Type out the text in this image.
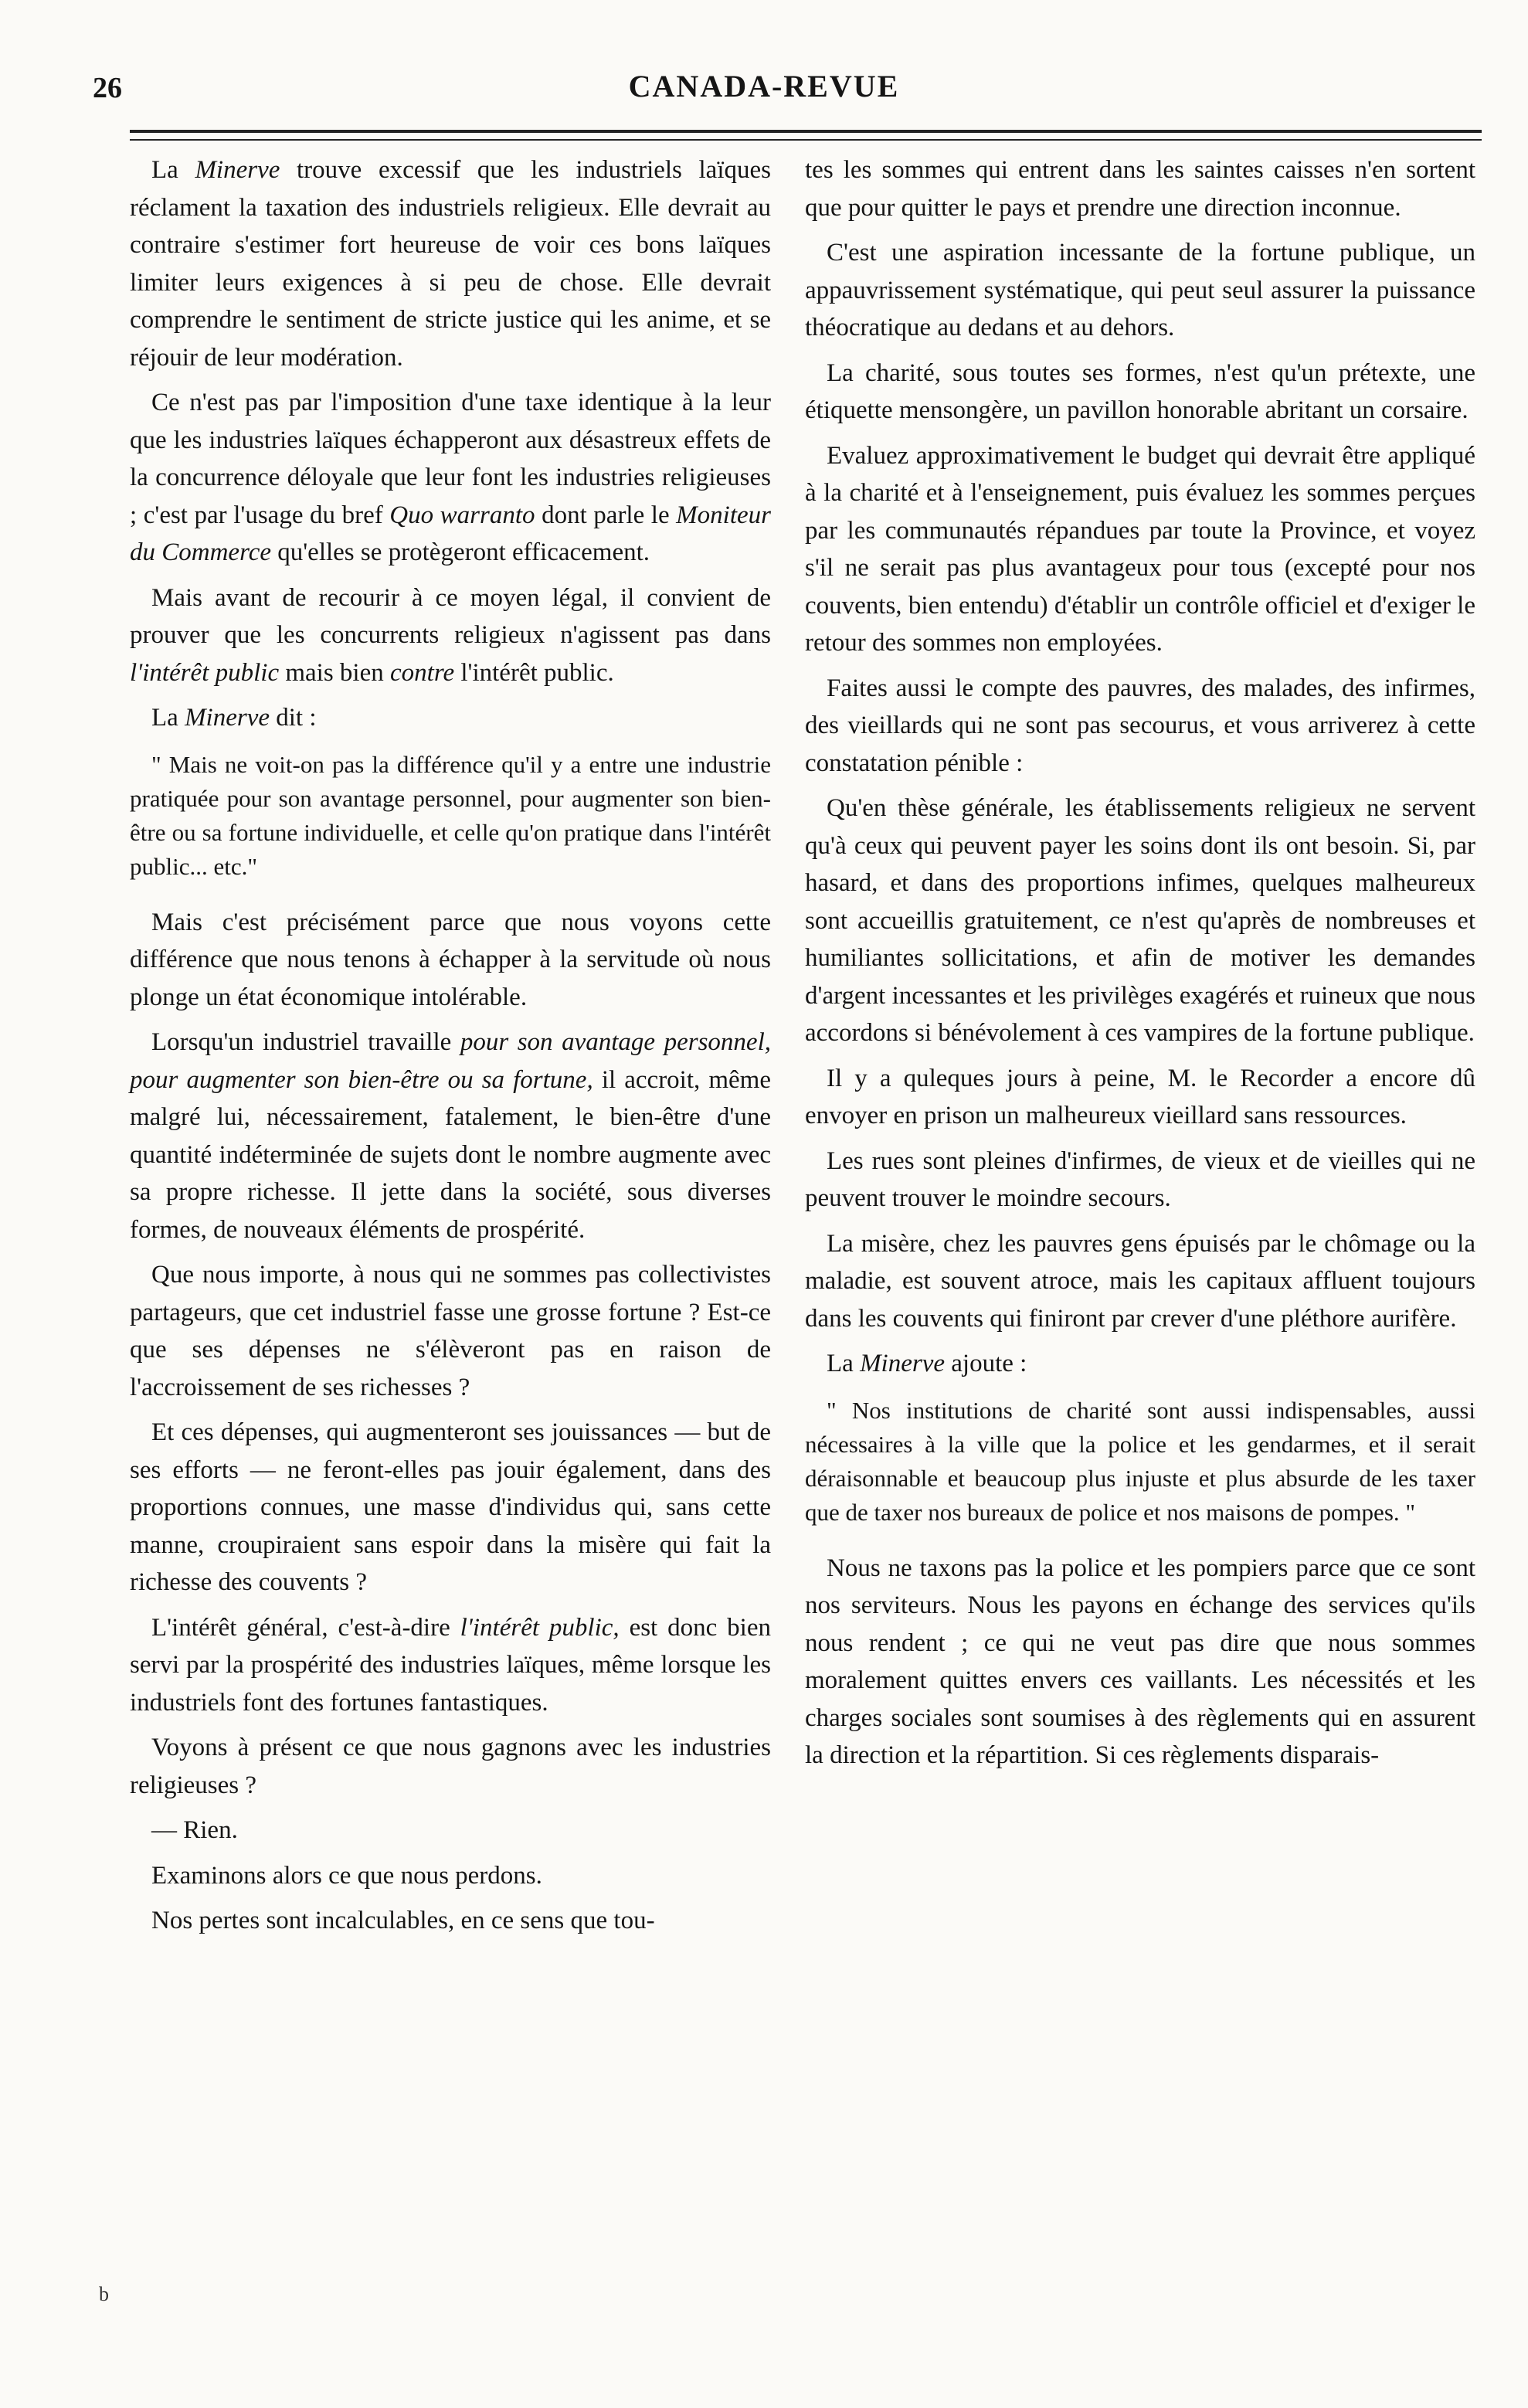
26	CANADA-REVUE

La Minerve trouve excessif que les industriels laïques réclament la taxation des industriels religieux. Elle devrait au contraire s'estimer fort heureuse de voir ces bons laïques limiter leurs exigences à si peu de chose. Elle devrait comprendre le sentiment de stricte justice qui les anime, et se réjouir de leur modération.

Ce n'est pas par l'imposition d'une taxe identique à la leur que les industries laïques échapperont aux désastreux effets de la concurrence déloyale que leur font les industries religieuses ; c'est par l'usage du bref Quo warranto dont parle le Moniteur du Commerce qu'elles se protègeront efficacement.

Mais avant de recourir à ce moyen légal, il convient de prouver que les concurrents religieux n'agissent pas dans l'intérêt public mais bien contre l'intérêt public.

La Minerve dit :

" Mais ne voit-on pas la différence qu'il y a entre une industrie pratiquée pour son avantage personnel, pour augmenter son bien-être ou sa fortune individuelle, et celle qu'on pratique dans l'intérêt public... etc."

Mais c'est précisément parce que nous voyons cette différence que nous tenons à échapper à la servitude où nous plonge un état économique intolérable.

Lorsqu'un industriel travaille pour son avantage personnel, pour augmenter son bien-être ou sa fortune, il accroit, même malgré lui, nécessairement, fatalement, le bien-être d'une quantité indéterminée de sujets dont le nombre augmente avec sa propre richesse. Il jette dans la société, sous diverses formes, de nouveaux éléments de prospérité.

Que nous importe, à nous qui ne sommes pas collectivistes partageurs, que cet industriel fasse une grosse fortune ? Est-ce que ses dépenses ne s'élèveront pas en raison de l'accroissement de ses richesses ?

Et ces dépenses, qui augmenteront ses jouissances — but de ses efforts — ne feront-elles pas jouir également, dans des proportions connues, une masse d'individus qui, sans cette manne, croupiraient sans espoir dans la misère qui fait la richesse des couvents ?

L'intérêt général, c'est-à-dire l'intérêt public, est donc bien servi par la prospérité des industries laïques, même lorsque les industriels font des fortunes fantastiques.

Voyons à présent ce que nous gagnons avec les industries religieuses ?

— Rien.

Examinons alors ce que nous perdons.

Nos pertes sont incalculables, en ce sens que tou-

tes les sommes qui entrent dans les saintes caisses n'en sortent que pour quitter le pays et prendre une direction inconnue.

C'est une aspiration incessante de la fortune publique, un appauvrissement systématique, qui peut seul assurer la puissance théocratique au dedans et au dehors.

La charité, sous toutes ses formes, n'est qu'un prétexte, une étiquette mensongère, un pavillon honorable abritant un corsaire.

Evaluez approximativement le budget qui devrait être appliqué à la charité et à l'enseignement, puis évaluez les sommes perçues par les communautés répandues par toute la Province, et voyez s'il ne serait pas plus avantageux pour tous (excepté pour nos couvents, bien entendu) d'établir un contrôle officiel et d'exiger le retour des sommes non employées.

Faites aussi le compte des pauvres, des malades, des infirmes, des vieillards qui ne sont pas secourus, et vous arriverez à cette constatation pénible :

Qu'en thèse générale, les établissements religieux ne servent qu'à ceux qui peuvent payer les soins dont ils ont besoin. Si, par hasard, et dans des proportions infimes, quelques malheureux sont accueillis gratuitement, ce n'est qu'après de nombreuses et humiliantes sollicitations, et afin de motiver les demandes d'argent incessantes et les privilèges exagérés et ruineux que nous accordons si bénévolement à ces vampires de la fortune publique.

Il y a quleques jours à peine, M. le Recorder a encore dû envoyer en prison un malheureux vieillard sans ressources.

Les rues sont pleines d'infirmes, de vieux et de vieilles qui ne peuvent trouver le moindre secours.

La misère, chez les pauvres gens épuisés par le chômage ou la maladie, est souvent atroce, mais les capitaux affluent toujours dans les couvents qui finiront par crever d'une pléthore aurifère.

La Minerve ajoute :

" Nos institutions de charité sont aussi indispensables, aussi nécessaires à la ville que la police et les gendarmes, et il serait déraisonnable et beaucoup plus injuste et plus absurde de les taxer que de taxer nos bureaux de police et nos maisons de pompes. "

Nous ne taxons pas la police et les pompiers parce que ce sont nos serviteurs. Nous les payons en échange des services qu'ils nous rendent ; ce qui ne veut pas dire que nous sommes moralement quittes envers ces vaillants. Les nécessités et les charges sociales sont soumises à des règlements qui en assurent la direction et la répartition. Si ces règlements disparais-

b
